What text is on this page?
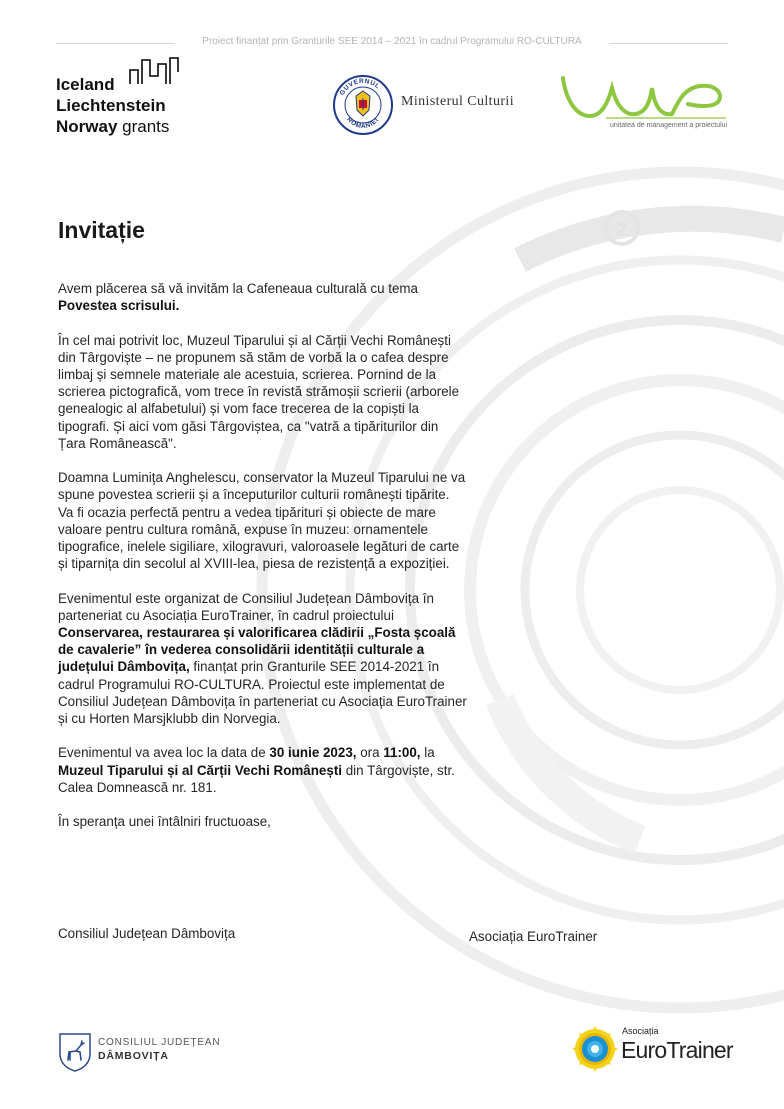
2
Proiect finanțat prin Granturile SEE 2014 – 2021 în cadrul Programului RO-CULTURA
Iceland
Liechtenstein
Norway grants
GUVERNUL
ROMÂNIEI
Ministerul Culturii
unitatea de management a proiectului
Invitație

Avem plăcerea să vă invităm la Cafeneaua culturală cu tema Povestea scrisului.

În cel mai potrivit loc, Muzeul Tiparului și al Cărții Vechi Românești din Târgoviște – ne propunem să stăm de vorbă la o cafea despre limbaj și semnele materiale ale acestuia, scrierea. Pornind de la scrierea pictografică, vom trece în revistă strămoșii scrierii (arborele genealogic al alfabetului) și vom face trecerea de la copiști la tipografi. Și aici vom găsi Târgoviștea, ca "vatră a tipăriturilor din Țara Românească".

Doamna Luminița Anghelescu, conservator la Muzeul Tiparului ne va spune povestea scrierii și a începuturilor culturii românești tipărite. Va fi ocazia perfectă pentru a vedea tipărituri și obiecte de mare valoare pentru cultura română, expuse în muzeu: ornamentele tipografice, inelele sigiliare, xilogravuri, valoroasele legături de carte și tiparnița din secolul al XVIII-lea, piesa de rezistență a expoziției.

Evenimentul este organizat de Consiliul Județean Dâmbovița în parteneriat cu Asociația EuroTrainer, în cadrul proiectului Conservarea, restaurarea și valorificarea clădirii „Fosta școală de cavalerie” în vederea consolidării identității culturale a județului Dâmbovița, finanțat prin Granturile SEE 2014-2021 în cadrul Programului RO-CULTURA. Proiectul este implementat de Consiliul Județean Dâmbovița în parteneriat cu Asociația EuroTrainer și cu Horten Marsjklubb din Norvegia.

Evenimentul va avea loc la data de 30 iunie 2023, ora 11:00, la Muzeul Tiparului și al Cărții Vechi Românești din Târgoviște, str. Calea Domnească nr. 181.

În speranța unei întâlniri fructuoase,

Consiliul Județean Dâmbovița	Asociația EuroTrainer
CONSILIUL JUDEȚEAN
DÂMBOVIȚA
Asociația
EuroTrainer
